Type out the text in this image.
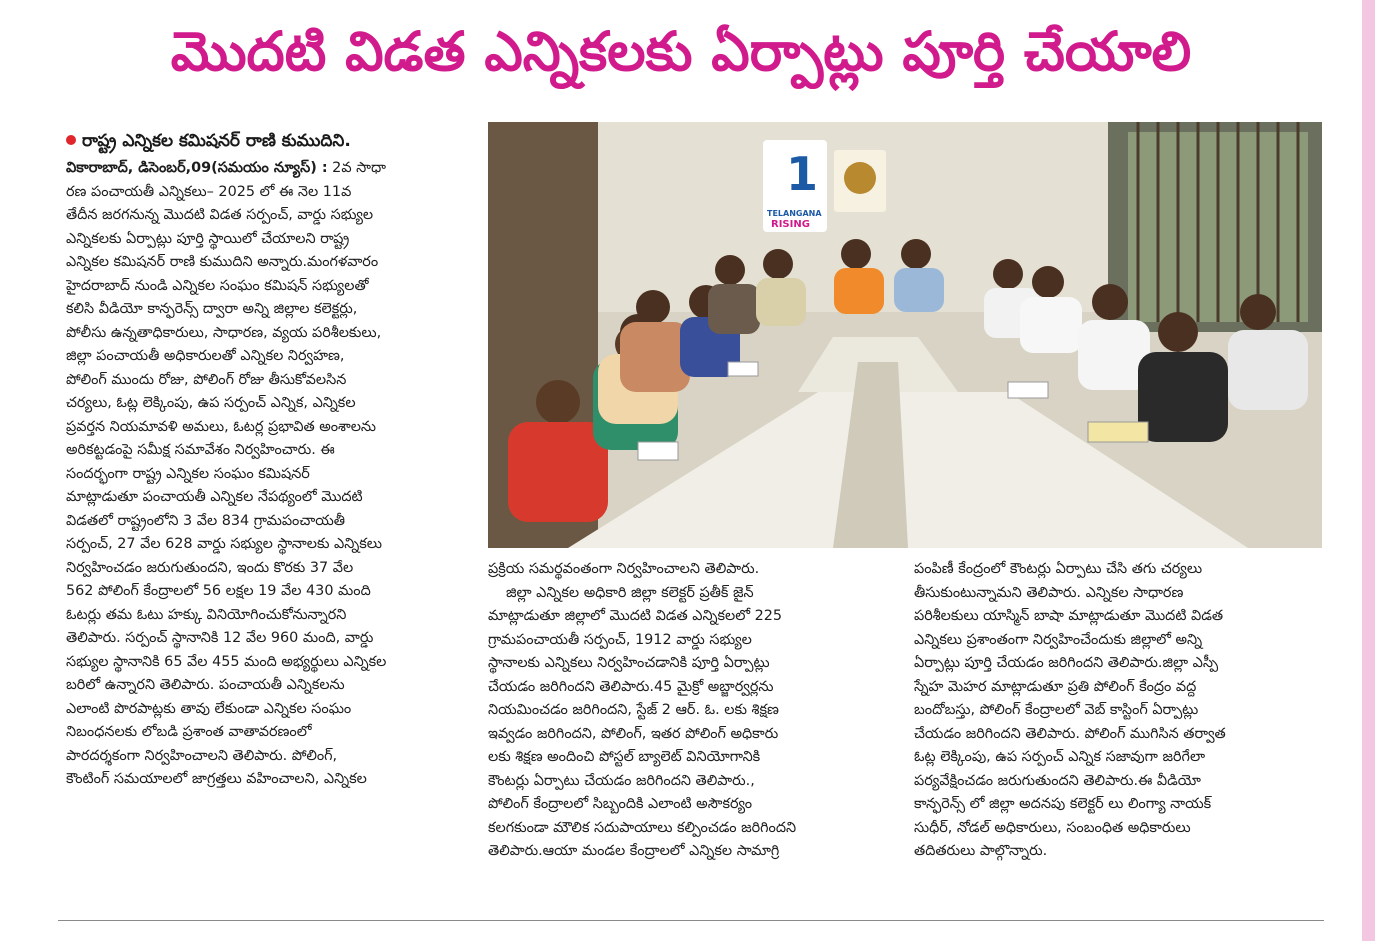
మొదటి విడత ఎన్నికలకు ఏర్పాట్లు పూర్తి చేయాలి
రాష్ట్ర ఎన్నికల కమిషనర్ రాణి కుముదిని.
వికారాబాద్, డిసెంబర్,09(సమయం న్యూస్) : 2వ సాధా
రణ పంచాయతీ ఎన్నికలు– 2025 లో ఈ నెల 11వ
తేదీన జరగనున్న మొదటి విడత సర్పంచ్, వార్డు సభ్యుల
ఎన్నికలకు ఏర్పాట్లు పూర్తి స్థాయిలో చేయాలని రాష్ట్ర
ఎన్నికల కమిషనర్ రాణి కుముదిని అన్నారు.మంగళవారం
హైదరాబాద్ నుండి ఎన్నికల సంఘం కమిషన్ సభ్యులతో
కలిసి వీడియో కాన్ఫరెన్స్ ద్వారా అన్ని జిల్లాల కలెక్టర్లు,
పోలీసు ఉన్నతాధికారులు, సాధారణ, వ్యయ పరిశీలకులు,
జిల్లా పంచాయతీ అధికారులతో ఎన్నికల నిర్వహణ,
పోలింగ్ ముందు రోజు, పోలింగ్ రోజు తీసుకోవలసిన
చర్యలు, ఓట్ల లెక్కింపు, ఉప సర్పంచ్ ఎన్నిక, ఎన్నికల
ప్రవర్తన నియమావళి అమలు, ఓటర్ల ప్రభావిత అంశాలను
అరికట్టడంపై సమీక్ష సమావేశం నిర్వహించారు. ఈ
సందర్భంగా రాష్ట్ర ఎన్నికల సంఘం కమిషనర్
మాట్లాడుతూ పంచాయతీ ఎన్నికల నేపథ్యంలో మొదటి
విడతలో రాష్ట్రంలోని 3 వేల 834 గ్రామపంచాయతీ
సర్పంచ్, 27 వేల 628 వార్డు సభ్యుల స్థానాలకు ఎన్నికలు
నిర్వహించడం జరుగుతుందని, ఇందు కొరకు 37 వేల
562 పోలింగ్ కేంద్రాలలో 56 లక్షల 19 వేల 430 మంది
ఓటర్లు తమ ఓటు హక్కు వినియోగించుకోనున్నారని
తెలిపారు. సర్పంచ్ స్థానానికి 12 వేల 960 మంది, వార్డు
సభ్యుల స్థానానికి 65 వేల 455 మంది అభ్యర్థులు ఎన్నికల
బరిలో ఉన్నారని తెలిపారు. పంచాయతీ ఎన్నికలను
ఎలాంటి పొరపాట్లకు తావు లేకుండా ఎన్నికల సంఘం
నిబంధనలకు లోబడి ప్రశాంత వాతావరణంలో
పారదర్శకంగా నిర్వహించాలని తెలిపారు. పోలింగ్,
కౌంటింగ్ సమయాలలో జాగ్రత్తలు వహించాలని, ఎన్నికల
1
TELANGANA
RISING
ప్రక్రియ సమర్థవంతంగా నిర్వహించాలని తెలిపారు.
జిల్లా ఎన్నికల అధికారి జిల్లా కలెక్టర్ ప్రతీక్ జైన్
మాట్లాడుతూ జిల్లాలో మొదటి విడత ఎన్నికలలో 225
గ్రామపంచాయతీ సర్పంచ్, 1912 వార్డు సభ్యుల
స్థానాలకు ఎన్నికలు నిర్వహించడానికి పూర్తి ఏర్పాట్లు
చేయడం జరిగిందని తెలిపారు.45 మైక్రో అబ్జార్వర్లను
నియమించడం జరిగిందని, స్టేజ్ 2 ఆర్. ఓ. లకు శిక్షణ
ఇవ్వడం జరిగిందని, పోలింగ్, ఇతర పోలింగ్ అధికారు
లకు శిక్షణ అందించి పోస్టల్ బ్యాలెట్ వినియోగానికి
కౌంటర్లు ఏర్పాటు చేయడం జరిగిందని తెలిపారు.,
పోలింగ్ కేంద్రాలలో సిబ్బందికి ఎలాంటి అసౌకర్యం
కలగకుండా మౌలిక సదుపాయాలు కల్పించడం జరిగిందని
తెలిపారు.ఆయా మండల కేంద్రాలలో ఎన్నికల సామాగ్రి
పంపిణీ కేంద్రంలో కౌంటర్లు ఏర్పాటు చేసి తగు చర్యలు
తీసుకుంటున్నామని తెలిపారు. ఎన్నికల సాధారణ
పరిశీలకులు యాస్మిన్ బాషా మాట్లాడుతూ మొదటి విడత
ఎన్నికలు ప్రశాంతంగా నిర్వహించేందుకు జిల్లాలో అన్ని
ఏర్పాట్లు పూర్తి చేయడం జరిగిందని తెలిపారు.జిల్లా ఎస్పీ
స్నేహ మెహర మాట్లాడుతూ ప్రతి పోలింగ్ కేంద్రం వద్ద
బందోబస్తు, పోలింగ్ కేంద్రాలలో వెబ్ కాస్టింగ్ ఏర్పాట్లు
చేయడం జరిగిందని తెలిపారు. పోలింగ్ ముగిసిన తర్వాత
ఓట్ల లెక్కింపు, ఉప సర్పంచ్ ఎన్నిక సజావుగా జరిగేలా
పర్యవేక్షించడం జరుగుతుందని తెలిపారు.ఈ వీడియో
కాన్ఫరెన్స్ లో జిల్లా అదనపు కలెక్టర్ లు లింగ్యా నాయక్
సుధీర్, నోడల్ అధికారులు, సంబంధిత అధికారులు
తదితరులు పాల్గొన్నారు.
